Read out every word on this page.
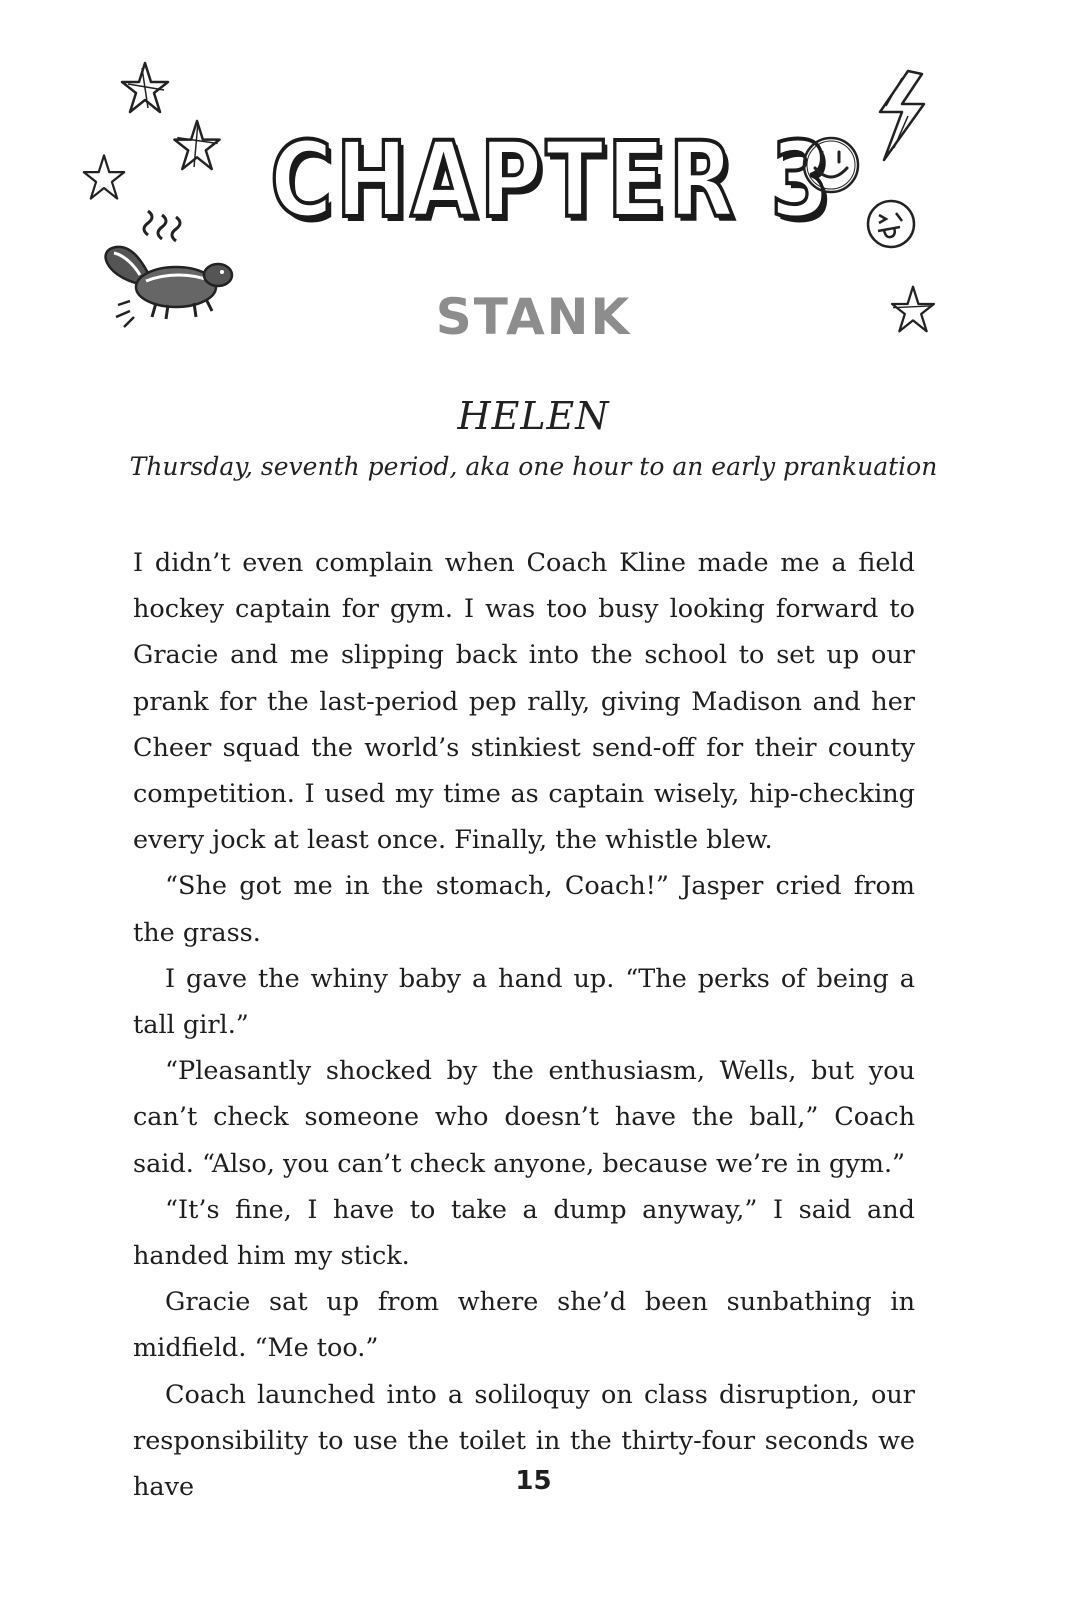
CHAPTER 3
STANK
HELEN
Thursday, seventh period, aka one hour to an early prankuation

I didn’t even complain when Coach Kline made me a field hockey captain for gym. I was too busy looking forward to Gracie and me slipping back into the school to set up our prank for the last-period pep rally, giving Madison and her Cheer squad the world’s stinkiest send-off for their county competition. I used my time as captain wisely, hip-checking every jock at least once. Finally, the whistle blew.

“She got me in the stomach, Coach!” Jasper cried from the grass.

I gave the whiny baby a hand up. “The perks of being a tall girl.”

“Pleasantly shocked by the enthusiasm, Wells, but you can’t check someone who doesn’t have the ball,” Coach said. “Also, you can’t check anyone, because we’re in gym.”

“It’s fine, I have to take a dump anyway,” I said and handed him my stick.

Gracie sat up from where she’d been sunbathing in midfield. “Me too.”

Coach launched into a soliloquy on class disruption, our responsibility to use the toilet in the thirty-four seconds we have	15
